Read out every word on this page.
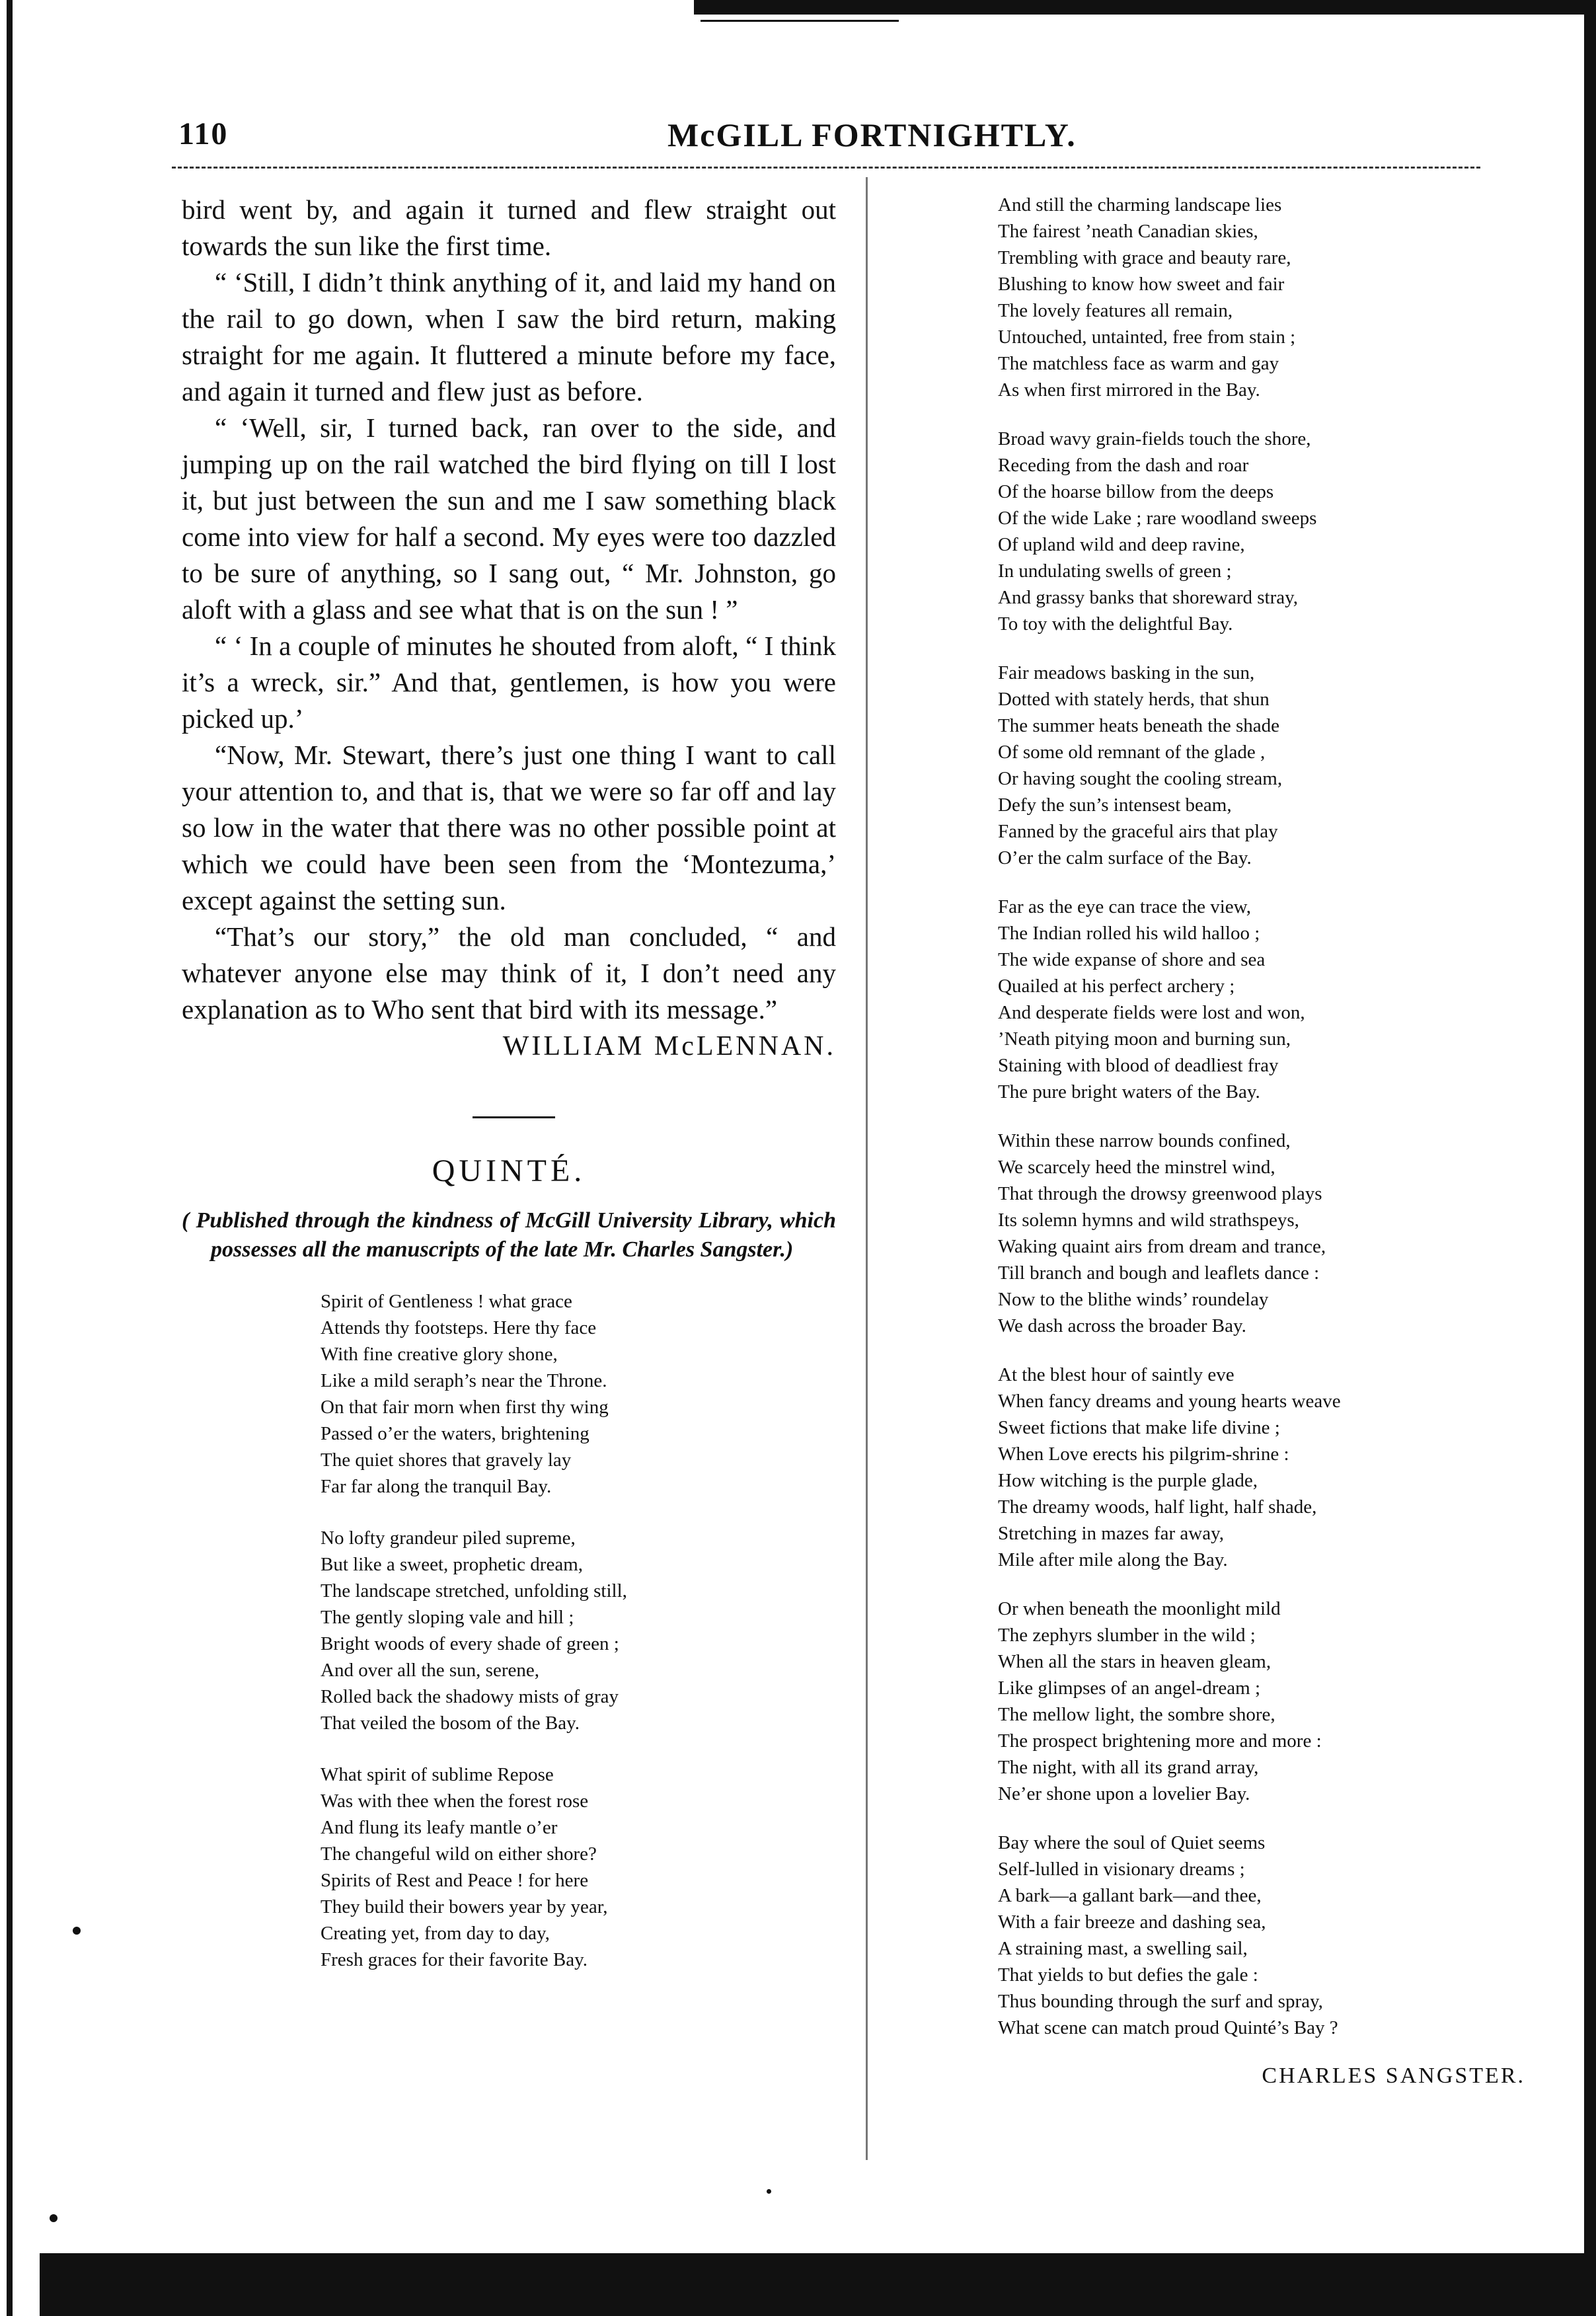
110	McGILL FORTNIGHTLY.

bird went by, and again it turned and flew straight out towards the sun like the first time.

“ ‘Still, I didn’t think anything of it, and laid my hand on the rail to go down, when I saw the bird return, making straight for me again. It fluttered a minute before my face, and again it turned and flew just as before.

“ ‘Well, sir, I turned back, ran over to the side, and jumping up on the rail watched the bird flying on till I lost it, but just between the sun and me I saw something black come into view for half a second. My eyes were too dazzled to be sure of anything, so I sang out, “ Mr. Johnston, go aloft with a glass and see what that is on the sun ! ”

“ ‘ In a couple of minutes he shouted from aloft, “ I think it’s a wreck, sir.” And that, gentlemen, is how you were picked up.’

“Now, Mr. Stewart, there’s just one thing I want to call your attention to, and that is, that we were so far off and lay so low in the water that there was no other possible point at which we could have been seen from the ‘Montezuma,’ except against the setting sun.

“That’s our story,” the old man concluded, “ and whatever anyone else may think of it, I don’t need any explanation as to Who sent that bird with its message.”

WILLIAM McLENNAN.
QUINTÉ.
( Published through the kindness of McGill University Library, which possesses all the manuscripts of the late Mr. Charles Sangster.)
Spirit of Gentleness ! what grace
Attends thy footsteps. Here thy face
With fine creative glory shone,
Like a mild seraph’s near the Throne.
On that fair morn when first thy wing
Passed o’er the waters, brightening
The quiet shores that gravely lay
Far far along the tranquil Bay.
No lofty grandeur piled supreme,
But like a sweet, prophetic dream,
The landscape stretched, unfolding still,
The gently sloping vale and hill ;
Bright woods of every shade of green ;
And over all the sun, serene,
Rolled back the shadowy mists of gray
That veiled the bosom of the Bay.
What spirit of sublime Repose
Was with thee when the forest rose
And flung its leafy mantle o’er
The changeful wild on either shore?
Spirits of Rest and Peace ! for here
They build their bowers year by year,
Creating yet, from day to day,
Fresh graces for their favorite Bay.
And still the charming landscape lies
The fairest ’neath Canadian skies,
Trembling with grace and beauty rare,
Blushing to know how sweet and fair
The lovely features all remain,
Untouched, untainted, free from stain ;
The matchless face as warm and gay
As when first mirrored in the Bay.
Broad wavy grain-fields touch the shore,
Receding from the dash and roar
Of the hoarse billow from the deeps
Of the wide Lake ; rare woodland sweeps
Of upland wild and deep ravine,
In undulating swells of green ;
And grassy banks that shoreward stray,
To toy with the delightful Bay.
Fair meadows basking in the sun,
Dotted with stately herds, that shun
The summer heats beneath the shade
Of some old remnant of the glade ,
Or having sought the cooling stream,
Defy the sun’s intensest beam,
Fanned by the graceful airs that play
O’er the calm surface of the Bay.
Far as the eye can trace the view,
The Indian rolled his wild halloo ;
The wide expanse of shore and sea
Quailed at his perfect archery ;
And desperate fields were lost and won,
’Neath pitying moon and burning sun,
Staining with blood of deadliest fray
The pure bright waters of the Bay.
Within these narrow bounds confined,
We scarcely heed the minstrel wind,
That through the drowsy greenwood plays
Its solemn hymns and wild strathspeys,
Waking quaint airs from dream and trance,
Till branch and bough and leaflets dance :
Now to the blithe winds’ roundelay
We dash across the broader Bay.
At the blest hour of saintly eve
When fancy dreams and young hearts weave
Sweet fictions that make life divine ;
When Love erects his pilgrim-shrine :
How witching is the purple glade,
The dreamy woods, half light, half shade,
Stretching in mazes far away,
Mile after mile along the Bay.
Or when beneath the moonlight mild
The zephyrs slumber in the wild ;
When all the stars in heaven gleam,
Like glimpses of an angel-dream ;
The mellow light, the sombre shore,
The prospect brightening more and more :
The night, with all its grand array,
Ne’er shone upon a lovelier Bay.
Bay where the soul of Quiet seems
Self-lulled in visionary dreams ;
A bark—a gallant bark—and thee,
With a fair breeze and dashing sea,
A straining mast, a swelling sail,
That yields to but defies the gale :
Thus bounding through the surf and spray,
What scene can match proud Quinté’s Bay ?
CHARLES SANGSTER.
